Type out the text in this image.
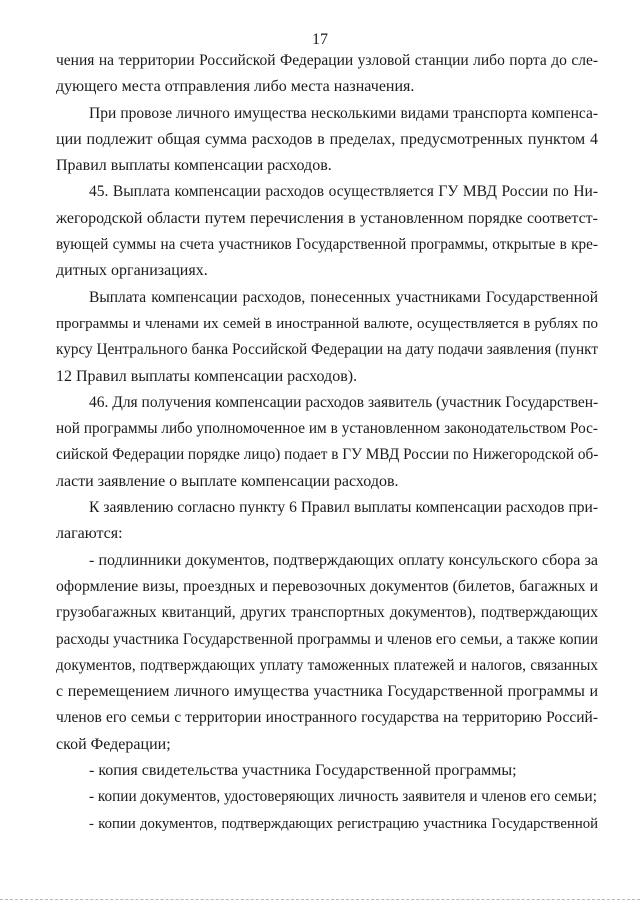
17
чения на территории Российской Федерации узловой станции либо порта до сле-
дующего места отправления либо места назначения.
При провозе личного имущества несколькими видами транспорта компенса-
ции подлежит общая сумма расходов в пределах, предусмотренных пунктом 4
Правил выплаты компенсации расходов.
45. Выплата компенсации расходов осуществляется ГУ МВД России по Ни-
жегородской области путем перечисления в установленном порядке соответст-
вующей суммы на счета участников Государственной программы, открытые в кре-
дитных организациях.
Выплата компенсации расходов, понесенных участниками Государственной
программы и членами их семей в иностранной валюте, осуществляется в рублях по
курсу Центрального банка Российской Федерации на дату подачи заявления (пункт
12 Правил выплаты компенсации расходов).
46. Для получения компенсации расходов заявитель (участник Государствен-
ной программы либо уполномоченное им в установленном законодательством Рос-
сийской Федерации порядке лицо) подает в ГУ МВД России по Нижегородской об-
ласти заявление о выплате компенсации расходов.
К заявлению согласно пункту 6 Правил выплаты компенсации расходов при-
лагаются:
- подлинники документов, подтверждающих оплату консульского сбора за
оформление визы, проездных и перевозочных документов (билетов, багажных и
грузобагажных квитанций, других транспортных документов), подтверждающих
расходы участника Государственной программы и членов его семьи, а также копии
документов, подтверждающих уплату таможенных платежей и налогов, связанных
с перемещением личного имущества участника Государственной программы и
членов его семьи с территории иностранного государства на территорию Россий-
ской Федерации;
- копия свидетельства участника Государственной программы;
- копии документов, удостоверяющих личность заявителя и членов его семьи;
- копии документов, подтверждающих регистрацию участника Государственной
